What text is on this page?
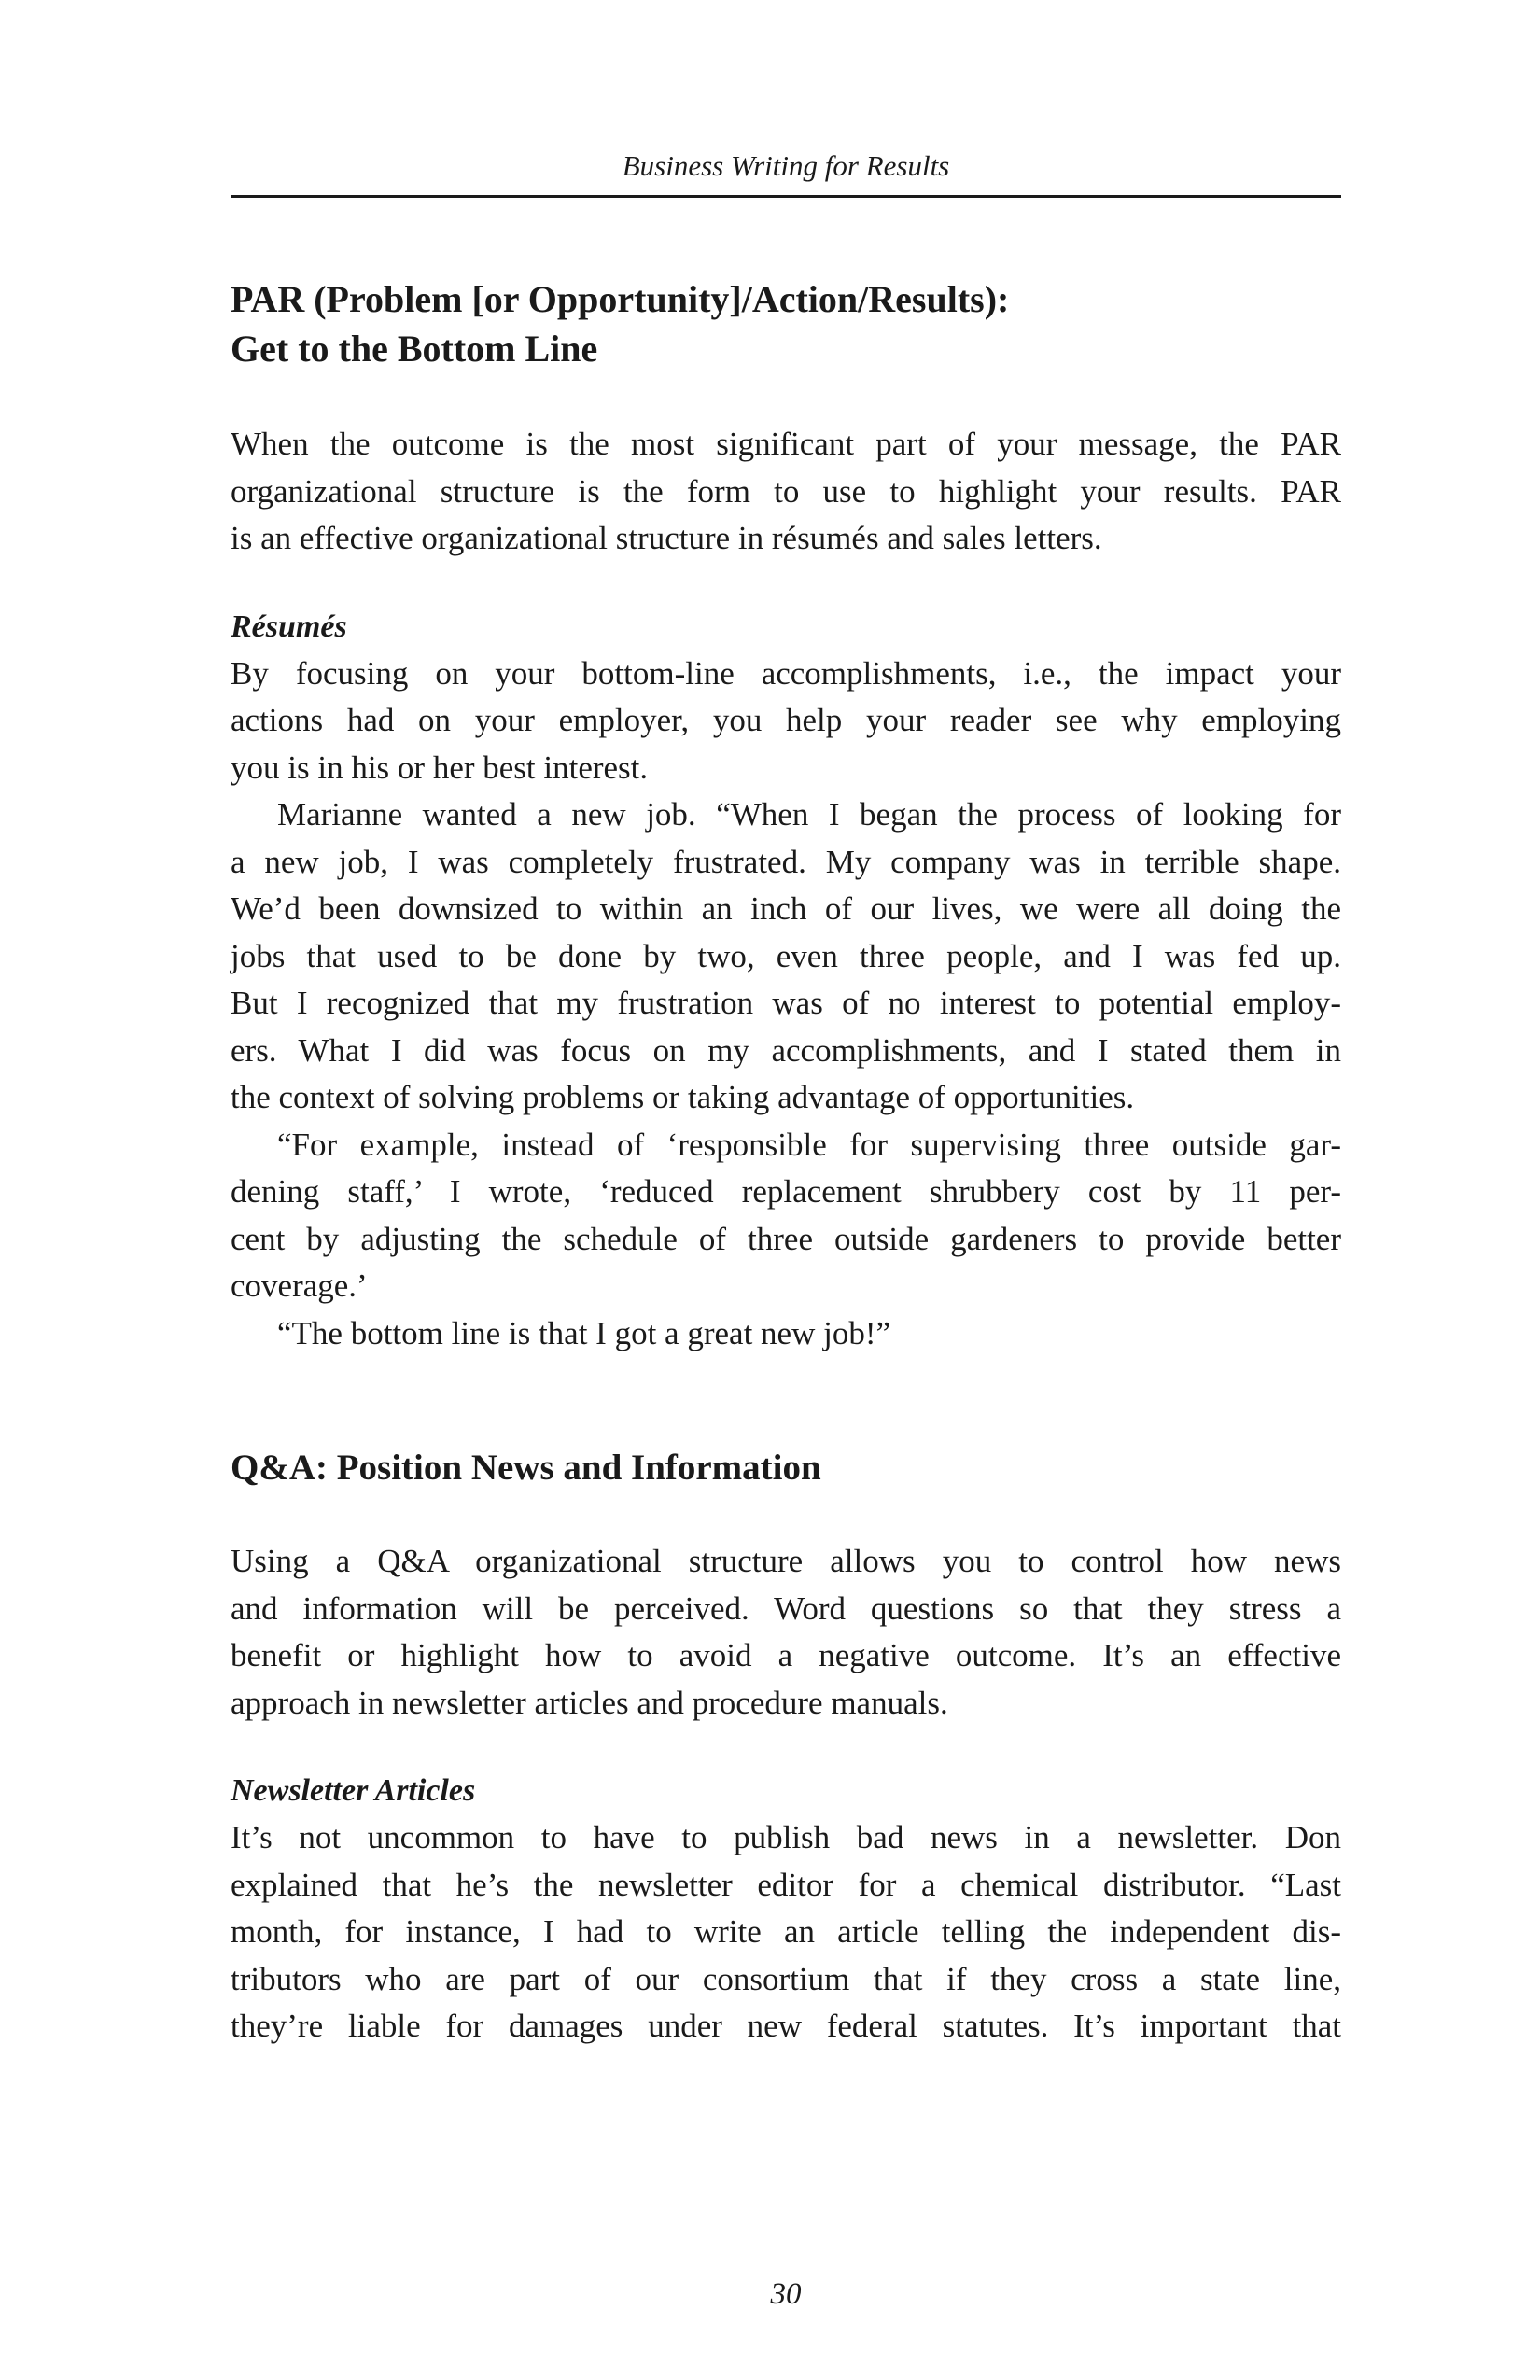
Business Writing for Results
PAR (Problem [or Opportunity]/Action/Results):
Get to the Bottom Line

When the outcome is the most significant part of your message, the PAR

organizational structure is the form to use to highlight your results. PAR

is an effective organizational structure in résumés and sales letters.

Résumés

By focusing on your bottom-line accomplishments, i.e., the impact your

actions had on your employer, you help your reader see why employing

you is in his or her best interest.

Marianne wanted a new job. “When I began the process of looking for

a new job, I was completely frustrated. My company was in terrible shape.

We’d been downsized to within an inch of our lives, we were all doing the

jobs that used to be done by two, even three people, and I was fed up.

But I recognized that my frustration was of no interest to potential employ-

ers. What I did was focus on my accomplishments, and I stated them in

the context of solving problems or taking advantage of opportunities.

“For example, instead of ‘responsible for supervising three outside gar-

dening staff,’ I wrote, ‘reduced replacement shrubbery cost by 11 per-

cent by adjusting the schedule of three outside gardeners to provide better

coverage.’

“The bottom line is that I got a great new job!”

Q&A: Position News and Information

Using a Q&A organizational structure allows you to control how news

and information will be perceived. Word questions so that they stress a

benefit or highlight how to avoid a negative outcome. It’s an effective

approach in newsletter articles and procedure manuals.

Newsletter Articles

It’s not uncommon to have to publish bad news in a newsletter. Don

explained that he’s the newsletter editor for a chemical distributor. “Last

month, for instance, I had to write an article telling the independent dis-

tributors who are part of our consortium that if they cross a state line,

they’re liable for damages under new federal statutes. It’s important that

30
